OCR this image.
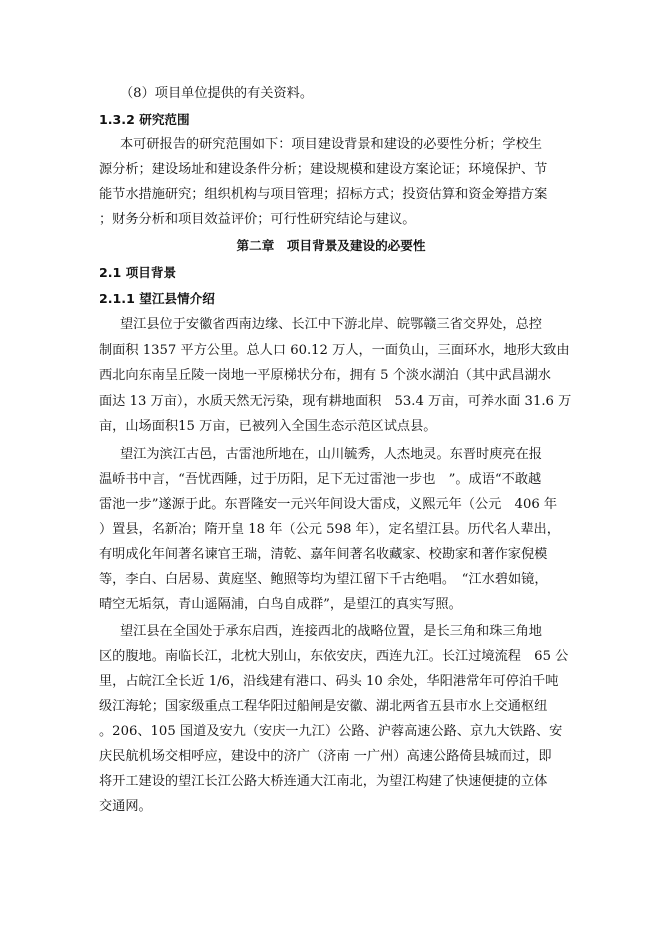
（8）项目单位提供的有关资料。
1.3.2 研究范围
本可研报告的研究范围如下：项目建设背景和建设的必要性分析；学校生
源分析；建设场址和建设条件分析；建设规模和建设方案论证；环境保护、节
能节水措施研究；组织机构与项目管理；招标方式；投资估算和资金筹措方案
；财务分析和项目效益评价；可行性研究结论与建议。
第二章　项目背景及建设的必要性
2.1 项目背景
2.1.1 望江县情介绍
望江县位于安徽省西南边缘、长江中下游北岸、皖鄂赣三省交界处，总控
制面积 1357 平方公里。总人口 60.12 万人，一面负山，三面环水，地形大致由
西北向东南呈丘陵一岗地一平原梯状分布，拥有 5 个淡水湖泊（其中武昌湖水
面达 13 万亩），水质天然无污染，现有耕地面积　53.4 万亩，可养水面 31.6 万
亩，山场面积15 万亩，已被列入全国生态示范区试点县。
望江为滨江古邑，古雷池所地在，山川毓秀，人杰地灵。东晋时庾亮在报
温峤书中言，“吾忧西陲，过于历阳，足下无过雷池一步也　”。成语“不敢越
雷池一步”遂源于此。东晋隆安一元兴年间设大雷戍，义熙元年（公元　406 年
）置县，名新冶；隋开皇 18 年（公元 598 年），定名望江县。历代名人辈出，
有明成化年间著名谏官王瑞，清乾、嘉年间著名收藏家、校勘家和著作家倪模
等，李白、白居易、黄庭坚、鲍照等均为望江留下千古绝唱。　“江水碧如镜，
晴空无垢氛，青山遥隔浦，白鸟自成群”，是望江的真实写照。
望江县在全国处于承东启西，连接西北的战略位置，是长三角和珠三角地
区的腹地。南临长江，北枕大别山，东依安庆，西连九江。长江过境流程　65 公
里，占皖江全长近 1/6，沿线建有港口、码头 10 余处，华阳港常年可停泊千吨
级江海轮；国家级重点工程华阳过船闸是安徽、湖北两省五县市水上交通枢纽
。206、105 国道及安九（安庆一九江）公路、沪蓉高速公路、京九大铁路、安
庆民航机场交相呼应，建设中的济广（济南 一广州）高速公路倚县城而过，即
将开工建设的望江长江公路大桥连通大江南北，为望江构建了快速便捷的立体
交通网。
